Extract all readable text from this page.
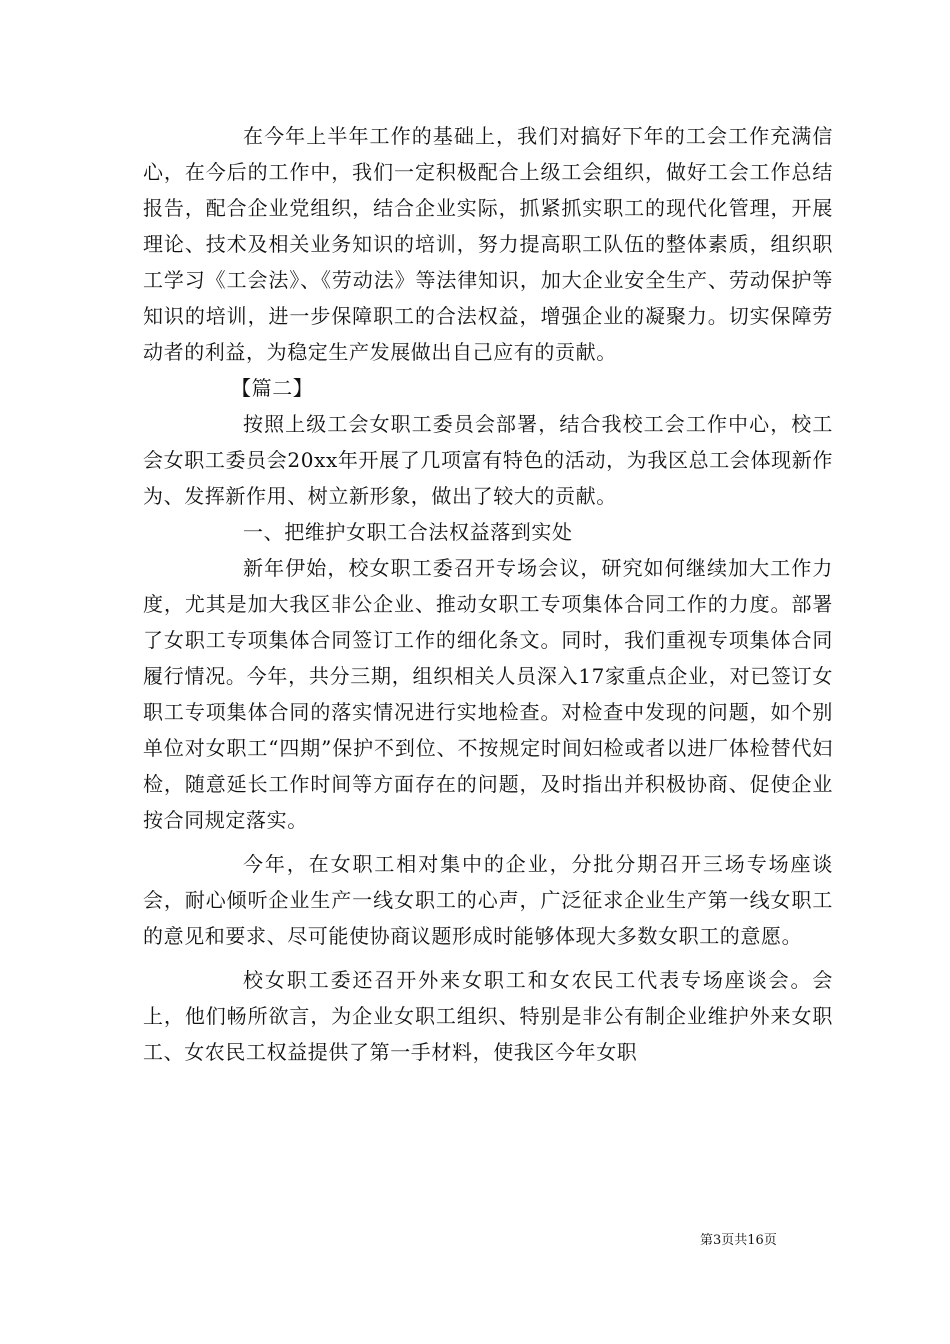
在今年上半年工作的基础上，我们对搞好下年的工会工作充满信心，在今后的工作中，我们一定积极配合上级工会组织，做好工会工作总结报告，配合企业党组织，结合企业实际，抓紧抓实职工的现代化管理，开展理论、技术及相关业务知识的培训，努力提高职工队伍的整体素质，组织职工学习《工会法》、《劳动法》等法律知识，加大企业安全生产、劳动保护等知识的培训，进一步保障职工的合法权益，增强企业的凝聚力。切实保障劳动者的利益，为稳定生产发展做出自己应有的贡献。

【篇二】

按照上级工会女职工委员会部署，结合我校工会工作中心，校工会女职工委员会20xx年开展了几项富有特色的活动，为我区总工会体现新作为、发挥新作用、树立新形象，做出了较大的贡献。

一、把维护女职工合法权益落到实处

新年伊始，校女职工委召开专场会议，研究如何继续加大工作力度，尤其是加大我区非公企业、推动女职工专项集体合同工作的力度。部署了女职工专项集体合同签订工作的细化条文。同时，我们重视专项集体合同履行情况。今年，共分三期，组织相关人员深入17家重点企业，对已签订女职工专项集体合同的落实情况进行实地检查。对检查中发现的问题，如个别单位对女职工“四期”保护不到位、不按规定时间妇检或者以进厂体检替代妇检，随意延长工作时间等方面存在的问题，及时指出并积极协商、促使企业按合同规定落实。

今年，在女职工相对集中的企业，分批分期召开三场专场座谈会，耐心倾听企业生产一线女职工的心声，广泛征求企业生产第一线女职工的意见和要求、尽可能使协商议题形成时能够体现大多数女职工的意愿。

校女职工委还召开外来女职工和女农民工代表专场座谈会。会上，他们畅所欲言，为企业女职工组织、特别是非公有制企业维护外来女职工、女农民工权益提供了第一手材料，使我区今年女职

第3页共16页
